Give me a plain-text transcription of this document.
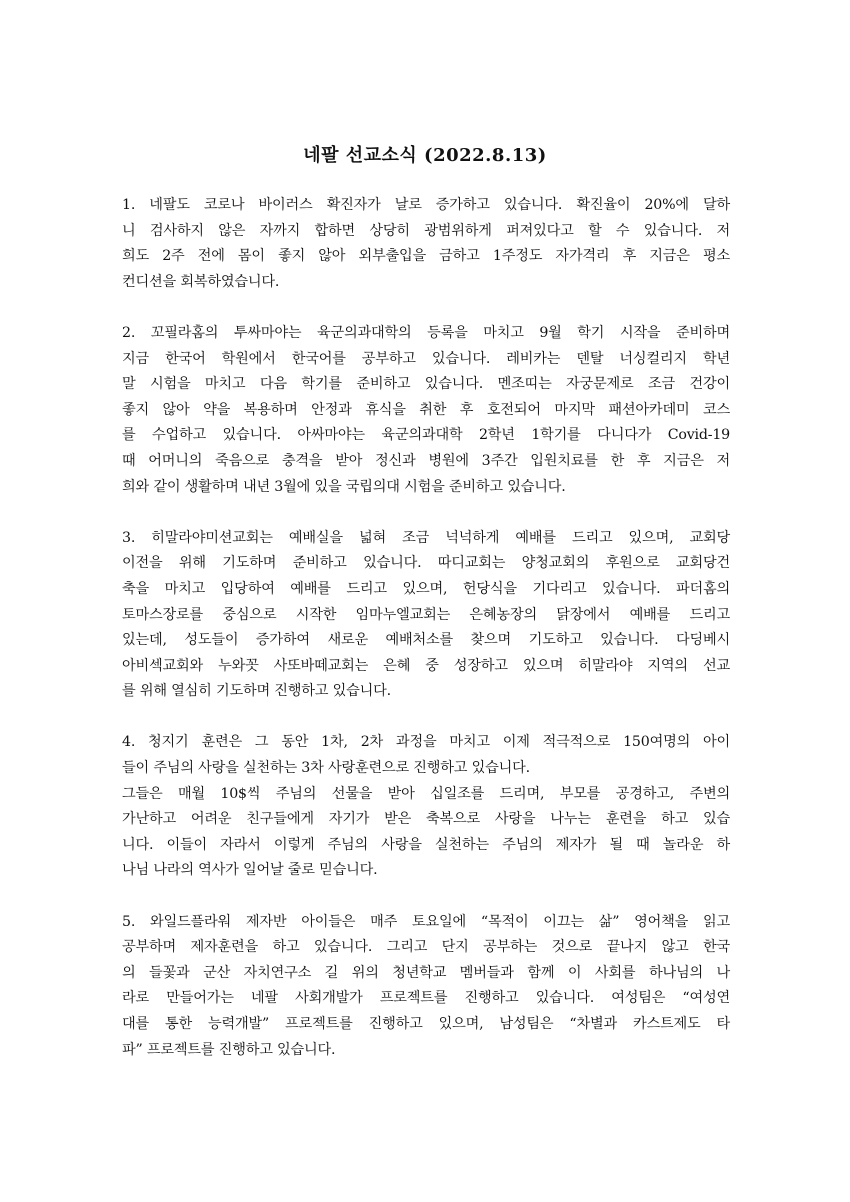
네팔 선교소식 (2022.8.13)

1. 네팔도 코로나 바이러스 확진자가 날로 증가하고 있습니다. 확진율이 20%에 달하
니 검사하지 않은 자까지 합하면 상당히 광범위하게 퍼져있다고 할 수 있습니다. 저
희도 2주 전에 몸이 좋지 않아 외부출입을 금하고 1주정도 자가격리 후 지금은 평소
컨디션을 회복하였습니다.

2. 꼬필라홈의 투싸마야는 육군의과대학의 등록을 마치고 9월 학기 시작을 준비하며
지금 한국어 학원에서 한국어를 공부하고 있습니다. 레비카는 덴탈 너싱컬리지 학년
말 시험을 마치고 다음 학기를 준비하고 있습니다. 멘조띠는 자궁문제로 조금 건강이
좋지 않아 약을 복용하며 안정과 휴식을 취한 후 호전되어 마지막 패션아카데미 코스
를 수업하고 있습니다. 아싸마야는 육군의과대학 2학년 1학기를 다니다가 Covid-19
때 어머니의 죽음으로 충격을 받아 정신과 병원에 3주간 입원치료를 한 후 지금은 저
희와 같이 생활하며 내년 3월에 있을 국립의대 시험을 준비하고 있습니다.

3. 히말라야미션교회는 예배실을 넓혀 조금 넉넉하게 예배를 드리고 있으며, 교회당
이전을 위해 기도하며 준비하고 있습니다. 따디교회는 양청교회의 후원으로 교회당건
축을 마치고 입당하여 예배를 드리고 있으며, 헌당식을 기다리고 있습니다. 파더홈의
토마스장로를 중심으로 시작한 임마누엘교회는 은혜농장의 닭장에서 예배를 드리고
있는데, 성도들이 증가하여 새로운 예배처소를 찾으며 기도하고 있습니다. 다딩베시
아비섹교회와 누와꼿 사또바떼교회는 은혜 중 성장하고 있으며 히말라야 지역의 선교
를 위해 열심히 기도하며 진행하고 있습니다.

4. 청지기 훈련은 그 동안 1차, 2차 과정을 마치고 이제 적극적으로 150여명의 아이
들이 주님의 사랑을 실천하는 3차 사랑훈련으로 진행하고 있습니다.
그들은 매월 10$씩 주님의 선물을 받아 십일조를 드리며, 부모를 공경하고, 주변의
가난하고 어려운 친구들에게 자기가 받은 축복으로 사랑을 나누는 훈련을 하고 있습
니다. 이들이 자라서 이렇게 주님의 사랑을 실천하는 주님의 제자가 될 때 놀라운 하
나님 나라의 역사가 일어날 줄로 믿습니다.

5. 와일드플라워 제자반 아이들은 매주 토요일에 “목적이 이끄는 삶” 영어책을 읽고
공부하며 제자훈련을 하고 있습니다. 그리고 단지 공부하는 것으로 끝나지 않고 한국
의 들꽃과 군산 자치연구소 길 위의 청년학교 멤버들과 함께 이 사회를 하나님의 나
라로 만들어가는 네팔 사회개발가 프로젝트를 진행하고 있습니다. 여성팀은 “여성연
대를 통한 능력개발” 프로젝트를 진행하고 있으며, 남성팀은 “차별과 카스트제도 타
파” 프로젝트를 진행하고 있습니다.
